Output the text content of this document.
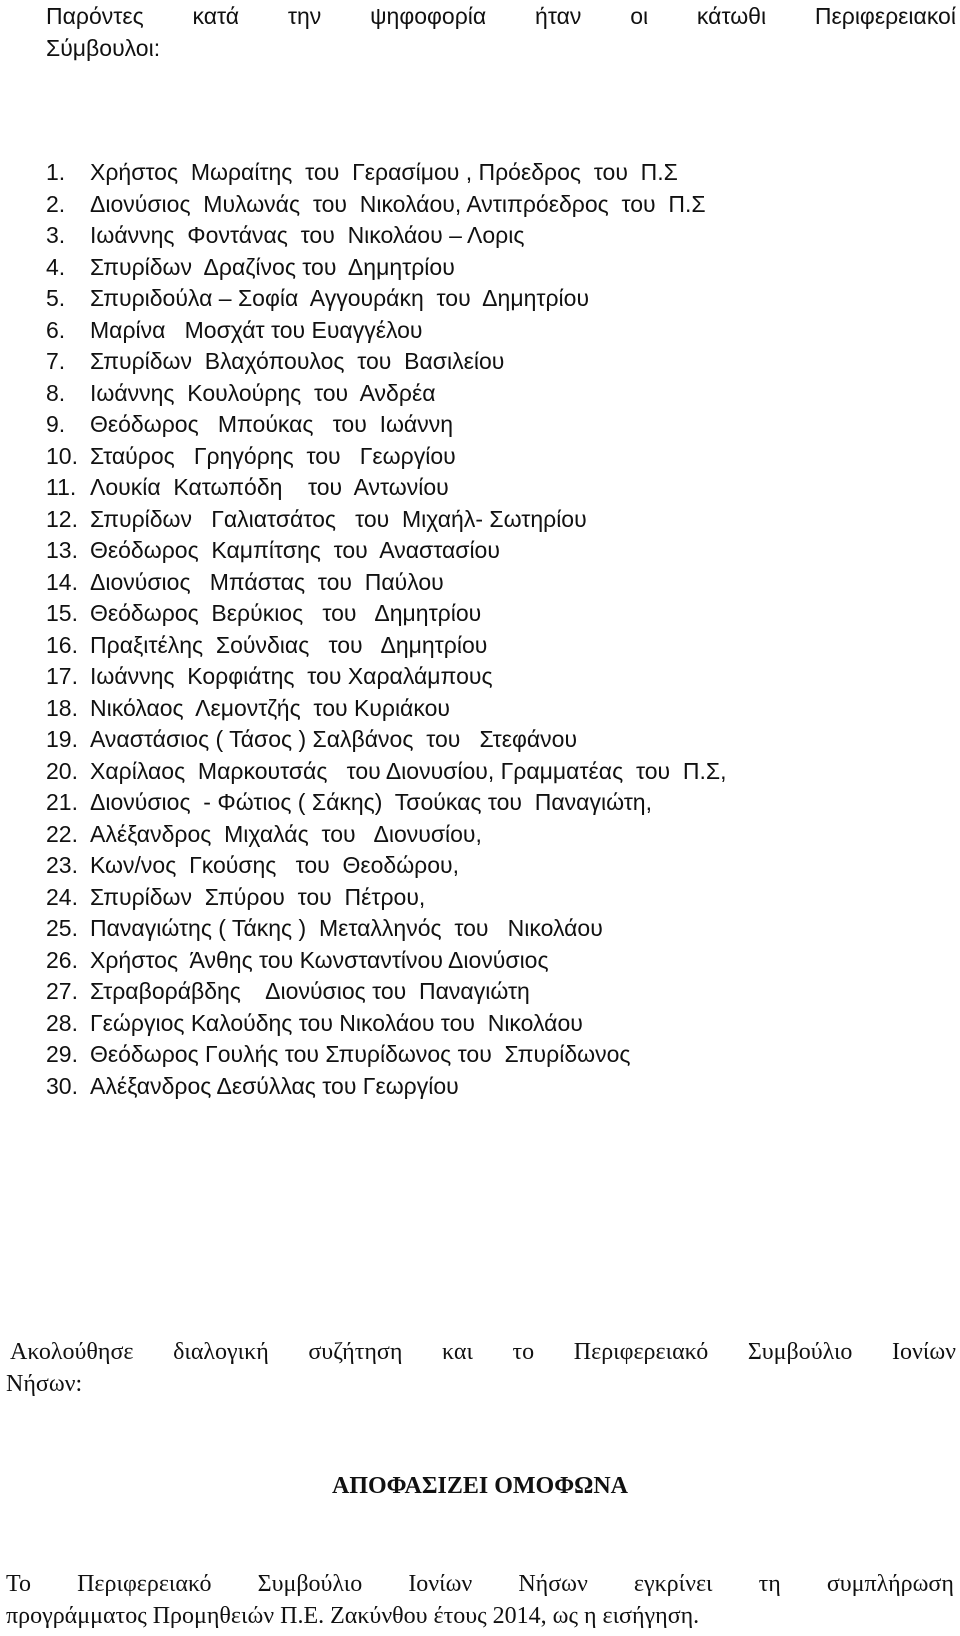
Παρόντες κατά την ψηφοφορία ήταν οι κάτωθι Περιφερειακοί
Σύμβουλοι:
1.	Χρήστος  Μωραίτης  του  Γερασίμου , Πρόεδρος  του  Π.Σ
2.	Διονύσιος  Μυλωνάς  του  Νικολάου, Αντιπρόεδρος  του  Π.Σ
3.	Ιωάννης  Φοντάνας  του  Νικολάου – Λορις
4.	Σπυρίδων  Δραζίνος του  Δημητρίου
5.	Σπυριδούλα – Σοφία  Αγγουράκη  του  Δημητρίου
6.	Μαρίνα   Μοσχάτ του Ευαγγέλου
7.	Σπυρίδων  Βλαχόπουλος  του  Βασιλείου
8.	Ιωάννης  Κουλούρης  του  Ανδρέα
9.	Θεόδωρος   Μπούκας   του  Ιωάννη
10. Σταύρος   Γρηγόρης  του   Γεωργίου
11. Λουκία  Κατωπόδη    του  Αντωνίου
12. Σπυρίδων   Γαλιατσάτος   του  Μιχαήλ- Σωτηρίου
13. Θεόδωρος  Καμπίτσης  του  Αναστασίου
14. Διονύσιος   Μπάστας  του  Παύλου
15. Θεόδωρος  Βερύκιος   του   Δημητρίου
16. Πραξιτέλης  Σούνδιας   του   Δημητρίου
17. Ιωάννης  Κορφιάτης  του Χαραλάμπους
18. Νικόλαος  Λεμοντζής  του Κυριάκου
19. Αναστάσιος ( Τάσος ) Σαλβάνος  του   Στεφάνου
20. Χαρίλαος  Μαρκουτσάς   του Διονυσίου, Γραμματέας  του  Π.Σ,
21. Διονύσιος  - Φώτιος ( Σάκης)  Τσούκας του  Παναγιώτη,
22. Αλέξανδρος  Μιχαλάς  του   Διονυσίου,
23. Κων/νος  Γκούσης   του  Θεοδώρου,
24. Σπυρίδων  Σπύρου  του  Πέτρου,
25. Παναγιώτης ( Τάκης )  Μεταλληνός  του   Νικολάου
26. Χρήστος  Άνθης του Κωνσταντίνου Διονύσιος
27. Στραβοράβδης    Διονύσιος του  Παναγιώτη
28. Γεώργιος Καλούδης του Νικολάου του  Νικολάου
29. Θεόδωρος Γουλής του Σπυρίδωνος του  Σπυρίδωνος
30. Αλέξανδρος Δεσύλλας του Γεωργίου
Ακολούθησε διαλογική συζήτηση και το Περιφερειακό Συμβούλιο Ιονίων
Νήσων:
ΑΠΟΦΑΣΙΖΕΙ ΟΜΟΦΩΝΑ
Το Περιφερειακό Συμβούλιο Ιονίων Νήσων εγκρίνει τη συμπλήρωση
προγράμματος Προμηθειών Π.Ε. Ζακύνθου έτους 2014, ως η εισήγηση.
